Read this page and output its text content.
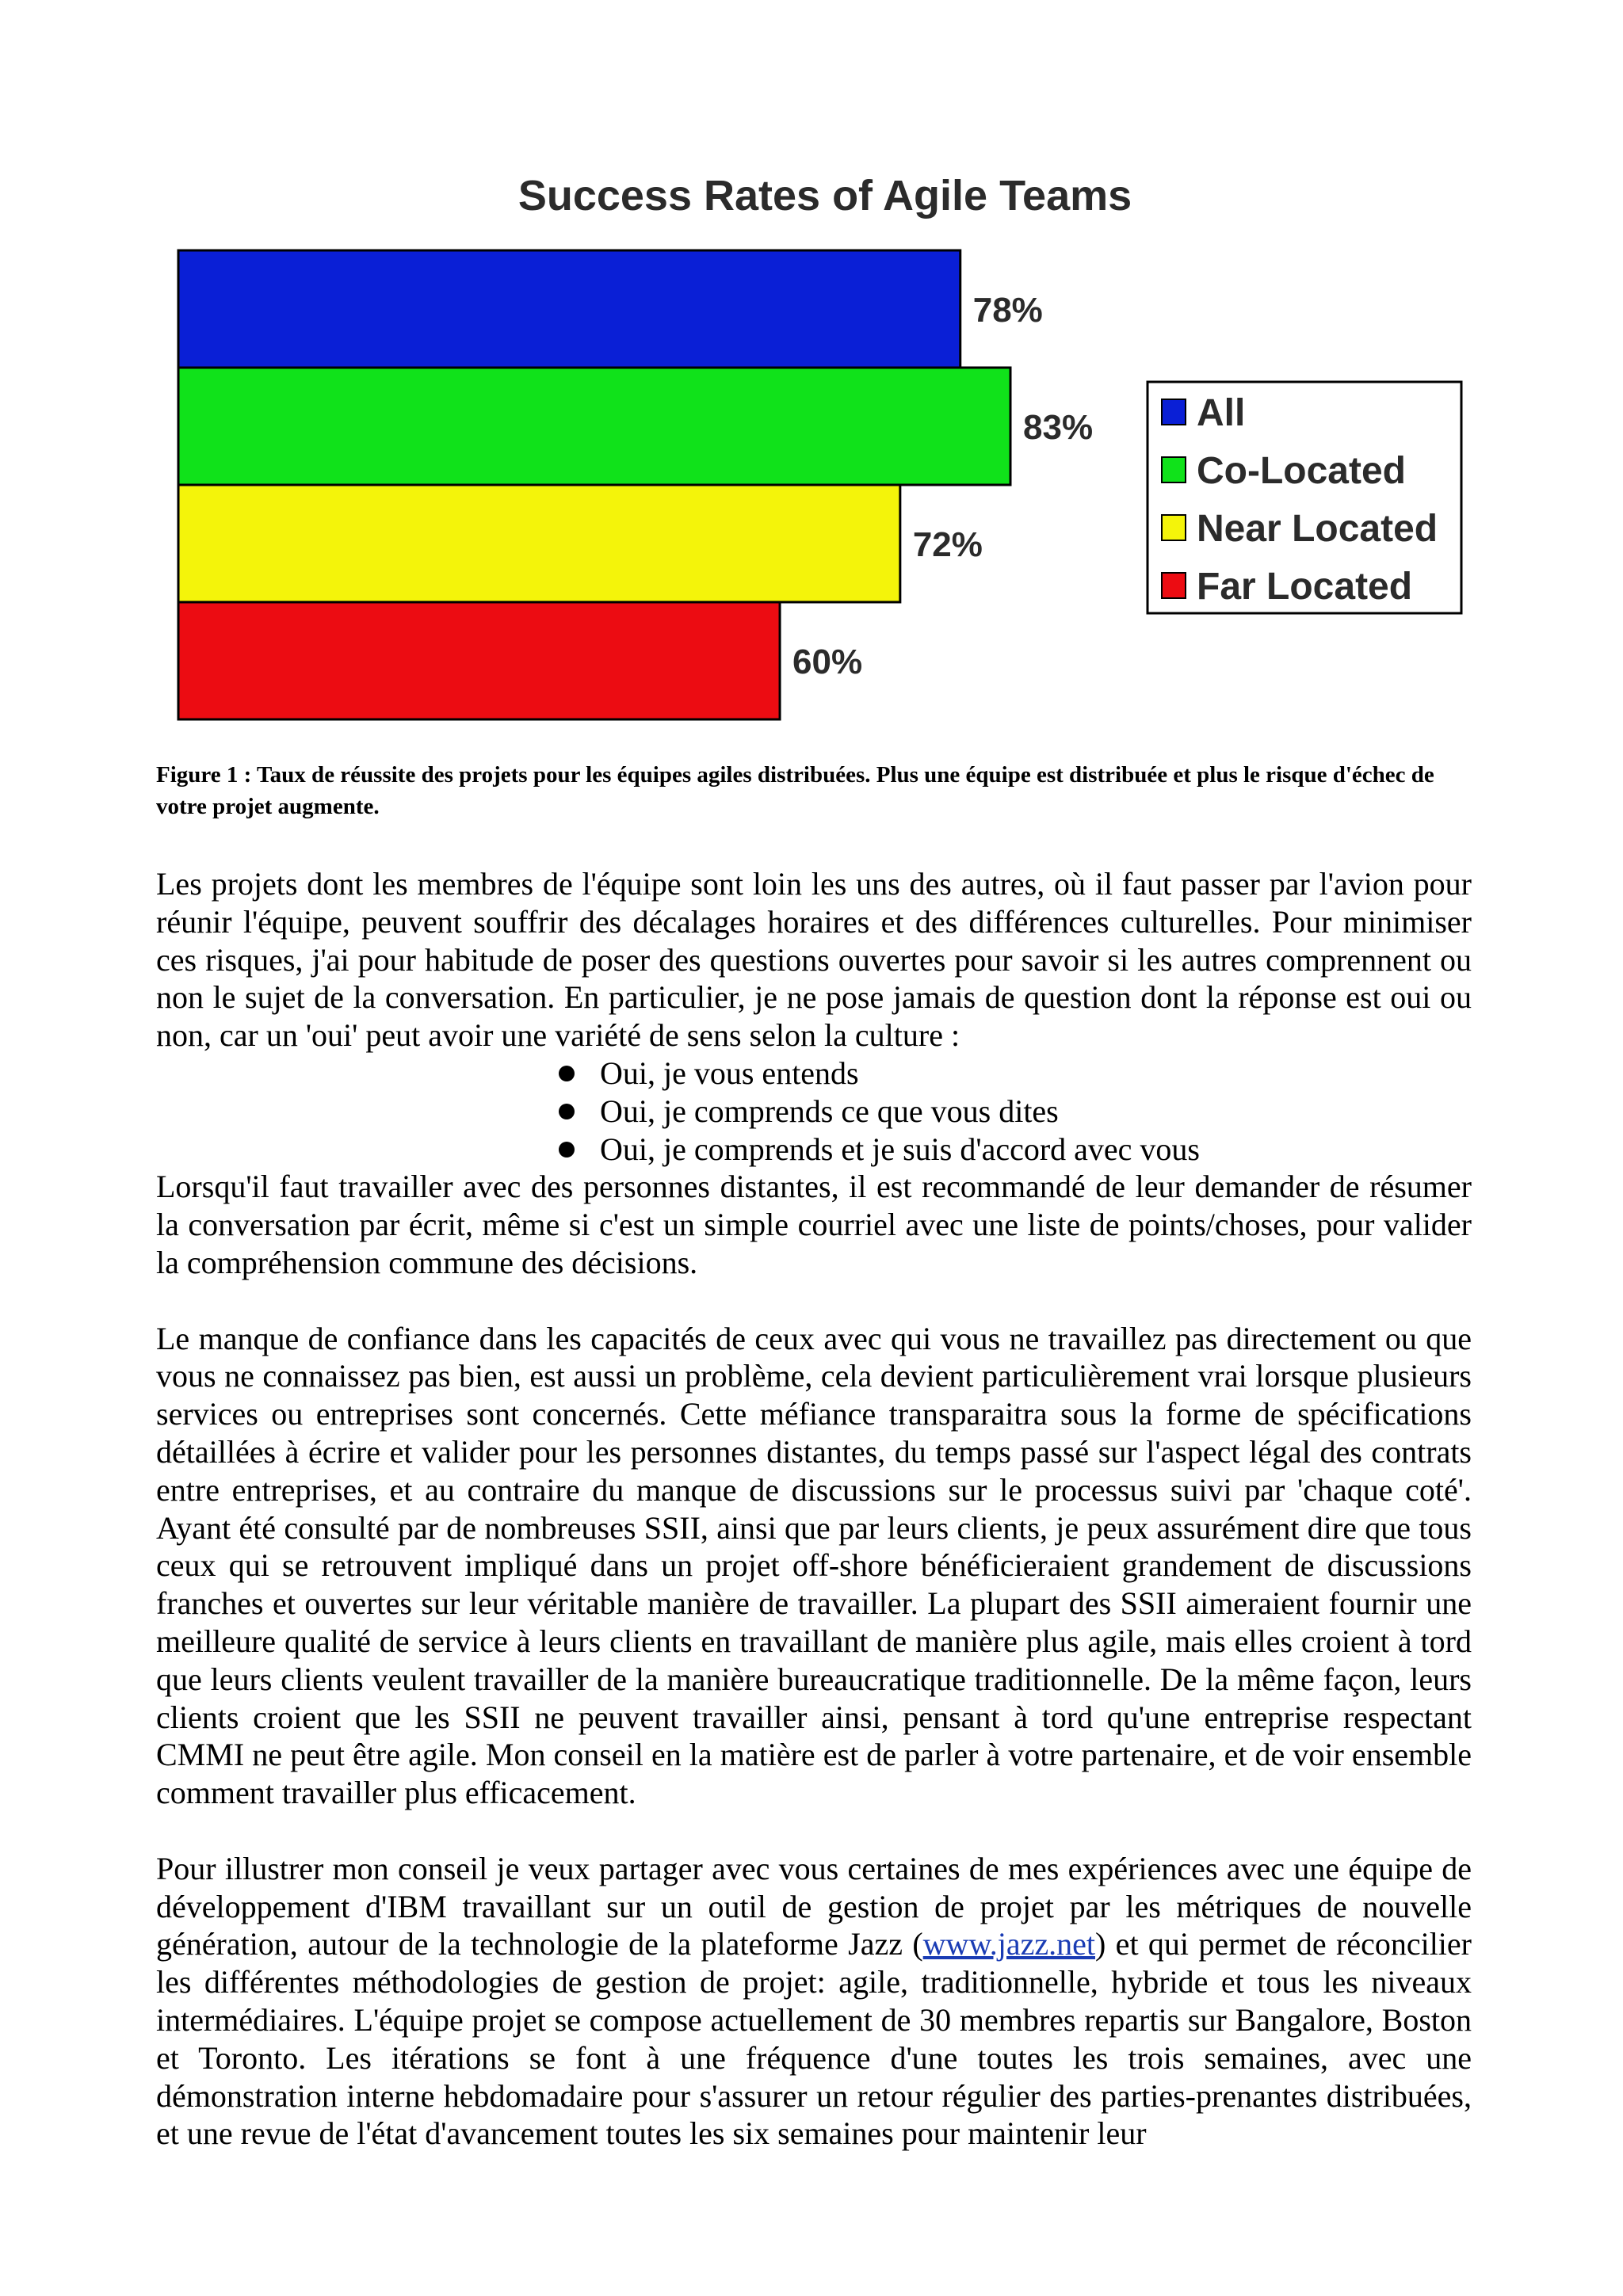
Success Rates of Agile Teams
78%
83%
72%
60%
All
Co-Located
Near Located
Far Located

Figure 1 : Taux de réussite des projets pour les équipes agiles distribuées. Plus une équipe est distribuée et plus le risque d'échec de votre projet augmente.

Les projets dont les membres de l'équipe sont loin les uns des autres, où il faut passer par l'avion pour réunir l'équipe, peuvent souffrir des décalages horaires et des différences culturelles. Pour minimiser ces risques, j'ai pour habitude de poser des questions ouvertes pour savoir si les autres comprennent ou non le sujet de la conversation. En particulier, je ne pose jamais de question dont la réponse est oui ou non, car un 'oui' peut avoir une variété de sens selon la culture :

Oui, je vous entends
Oui, je comprends ce que vous dites
Oui, je comprends et je suis d'accord avec vous

Lorsqu'il faut travailler avec des personnes distantes, il est recommandé de leur demander de résumer la conversation par écrit, même si c'est un simple courriel avec une liste de points/choses, pour valider la compréhension commune des décisions.

Le manque de confiance dans les capacités de ceux avec qui vous ne travaillez pas directement ou que vous ne connaissez pas bien, est aussi un problème, cela devient particulièrement vrai lorsque plusieurs services ou entreprises sont concernés. Cette méfiance transparaitra sous la forme de spécifications détaillées à écrire et valider pour les personnes distantes, du temps passé sur l'aspect légal des contrats entre entreprises, et au contraire du manque de discussions sur le processus suivi par 'chaque coté'. Ayant été consulté par de nombreuses SSII, ainsi que par leurs clients, je peux assurément dire que tous ceux qui se retrouvent impliqué dans un projet off-shore bénéficieraient grandement de discussions franches et ouvertes sur leur véritable manière de travailler. La plupart des SSII aimeraient fournir une meilleure qualité de service à leurs clients en travaillant de manière plus agile, mais elles croient à tord que leurs clients veulent travailler de la manière bureaucratique traditionnelle. De la même façon, leurs clients croient que les SSII ne peuvent travailler ainsi, pensant à tord qu'une entreprise respectant CMMI ne peut être agile. Mon conseil en la matière est de parler à votre partenaire, et de voir ensemble comment travailler plus efficacement.

Pour illustrer mon conseil je veux partager avec vous certaines de mes expériences avec une équipe de développement d'IBM travaillant sur un outil de gestion de projet par les métriques de nouvelle génération, autour de la technologie de la plateforme Jazz (www.jazz.net) et qui permet de réconcilier les différentes méthodologies de gestion de projet: agile, traditionnelle, hybride et tous les niveaux intermédiaires. L'équipe projet se compose actuellement de 30 membres repartis sur Bangalore, Boston et Toronto. Les itérations se font à une fréquence d'une toutes les trois semaines, avec une démonstration interne hebdomadaire pour s'assurer un retour régulier des parties-prenantes distribuées, et une revue de l'état d'avancement toutes les six semaines pour maintenir leur
